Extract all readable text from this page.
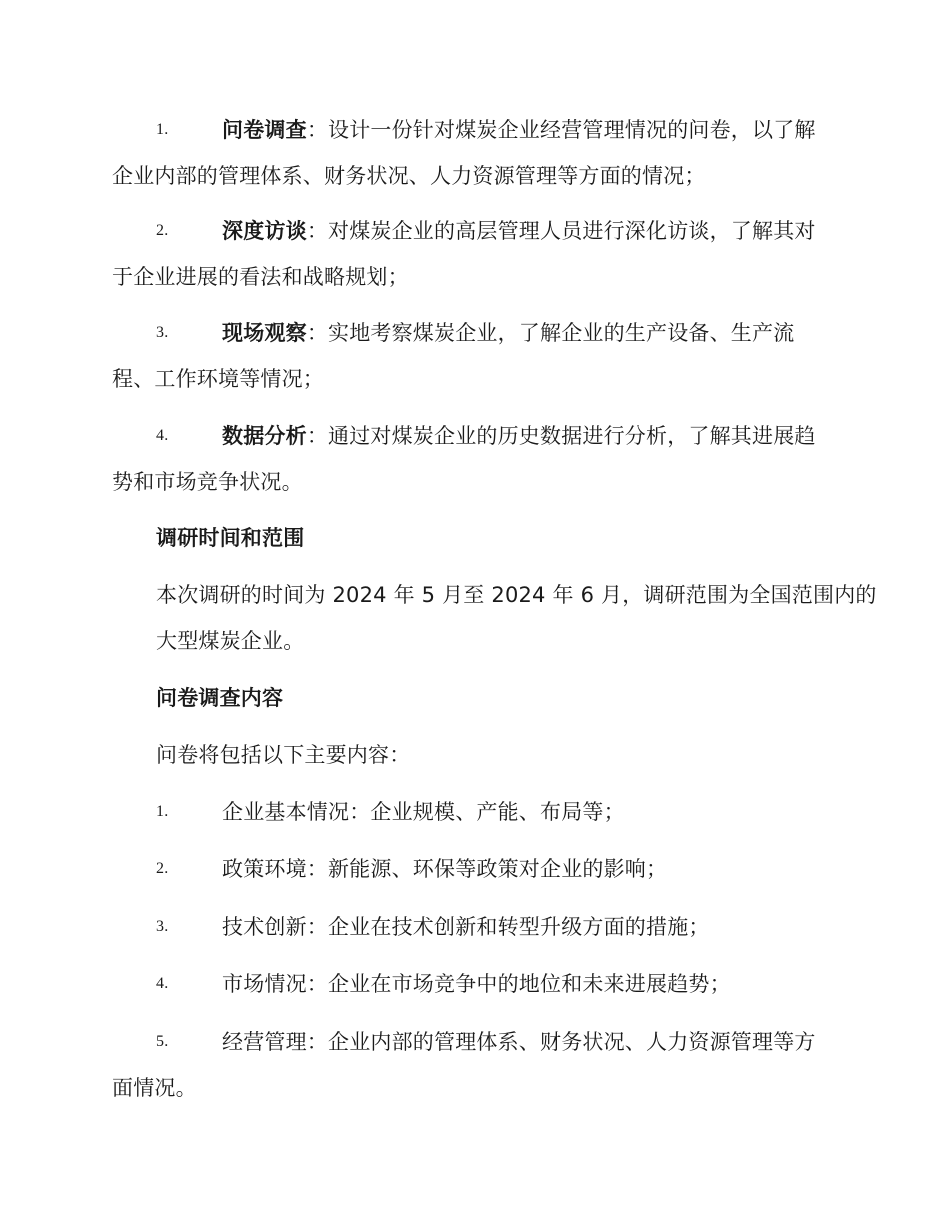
1.	问卷调查：设计一份针对煤炭企业经营管理情况的问卷，以了解企业内部的管理体系、财务状况、人力资源管理等方面的情况；
2.	深度访谈：对煤炭企业的高层管理人员进行深化访谈，了解其对于企业进展的看法和战略规划；
3.	现场观察：实地考察煤炭企业，了解企业的生产设备、生产流程、工作环境等情况；
4.	数据分析：通过对煤炭企业的历史数据进行分析，了解其进展趋势和市场竞争状况。
调研时间和范围
本次调研的时间为 2024 年 5 月至 2024 年 6 月，调研范围为全国范围内的大型煤炭企业。
问卷调查内容
问卷将包括以下主要内容：
1.	企业基本情况：企业规模、产能、布局等；
2.	政策环境：新能源、环保等政策对企业的影响；
3.	技术创新：企业在技术创新和转型升级方面的措施；
4.	市场情况：企业在市场竞争中的地位和未来进展趋势；
5.	经营管理：企业内部的管理体系、财务状况、人力资源管理等方面情况。
